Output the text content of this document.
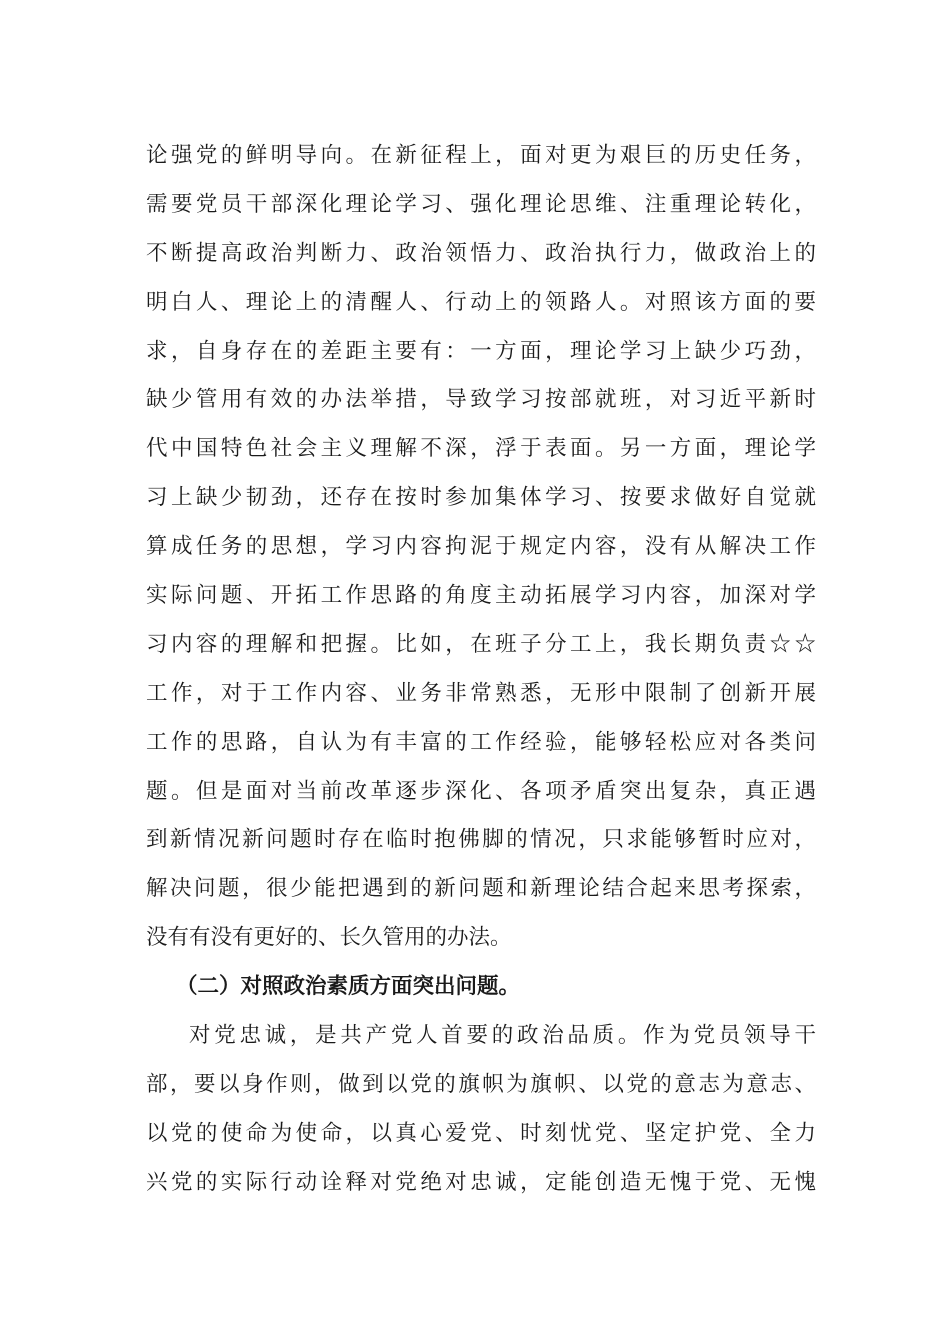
论强党的鲜明导向。在新征程上，面对更为艰巨的历史任务，
需要党员干部深化理论学习、强化理论思维、注重理论转化，
不断提高政治判断力、政治领悟力、政治执行力，做政治上的
明白人、理论上的清醒人、行动上的领路人。对照该方面的要
求，自身存在的差距主要有：一方面，理论学习上缺少巧劲，
缺少管用有效的办法举措，导致学习按部就班，对习近平新时
代中国特色社会主义理解不深，浮于表面。另一方面，理论学
习上缺少韧劲，还存在按时参加集体学习、按要求做好自觉就
算成任务的思想，学习内容拘泥于规定内容，没有从解决工作
实际问题、开拓工作思路的角度主动拓展学习内容，加深对学
习内容的理解和把握。比如，在班子分工上，我长期负责☆☆
工作，对于工作内容、业务非常熟悉，无形中限制了创新开展
工作的思路，自认为有丰富的工作经验，能够轻松应对各类问
题。但是面对当前改革逐步深化、各项矛盾突出复杂，真正遇
到新情况新问题时存在临时抱佛脚的情况，只求能够暂时应对，
解决问题，很少能把遇到的新问题和新理论结合起来思考探索，
没有有没有更好的、长久管用的办法。
（二）对照政治素质方面突出问题。
对党忠诚，是共产党人首要的政治品质。作为党员领导干
部，要以身作则，做到以党的旗帜为旗帜、以党的意志为意志、
以党的使命为使命，以真心爱党、时刻忧党、坚定护党、全力
兴党的实际行动诠释对党绝对忠诚，定能创造无愧于党、无愧
